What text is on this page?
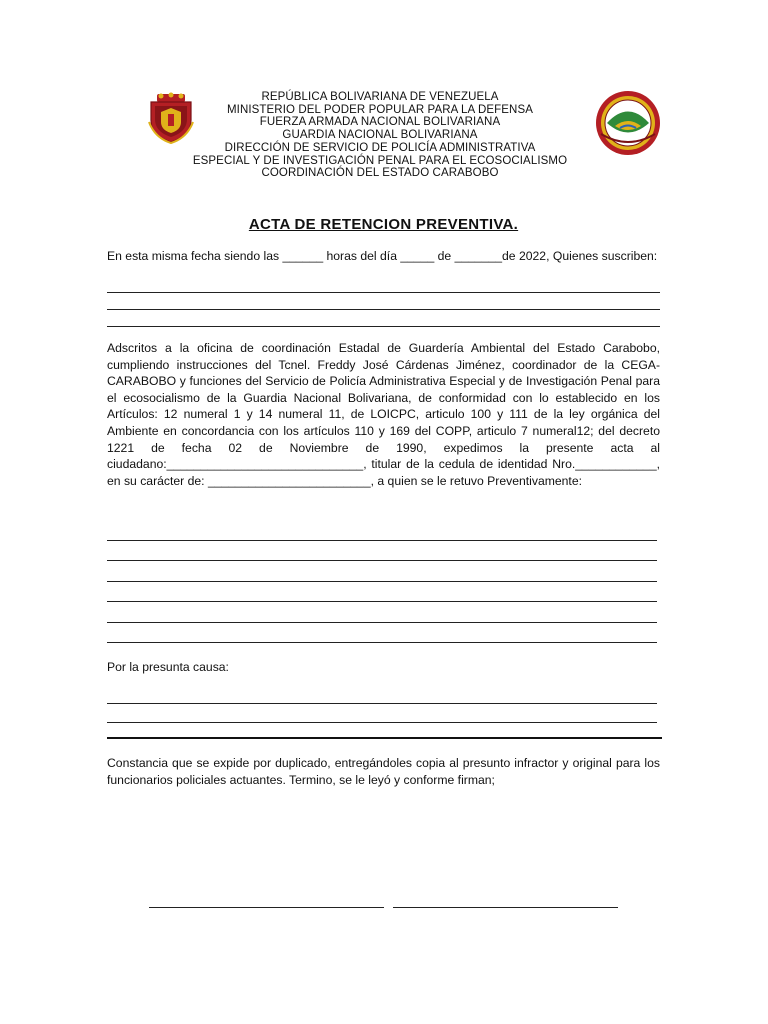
REPÚBLICA BOLIVARIANA DE VENEZUELA
MINISTERIO DEL PODER POPULAR PARA LA DEFENSA
FUERZA ARMADA NACIONAL BOLIVARIANA
GUARDIA NACIONAL BOLIVARIANA
DIRECCIÓN DE SERVICIO DE POLICÍA ADMINISTRATIVA
ESPECIAL Y DE INVESTIGACIÓN PENAL PARA EL ECOSOCIALISMO
COORDINACIÓN DEL ESTADO CARABOBO
ACTA DE RETENCION PREVENTIVA.
En esta misma fecha siendo las ______ horas del día _____ de _______de 2022, Quienes suscriben:
Adscritos a la oficina de coordinación Estadal de Guardería Ambiental del Estado Carabobo, cumpliendo instrucciones del Tcnel. Freddy José Cárdenas Jiménez, coordinador de la CEGA-CARABOBO y funciones del Servicio de Policía Administrativa Especial y de Investigación Penal para el ecosocialismo de la Guardia Nacional Bolivariana, de conformidad con lo establecido en los Artículos: 12 numeral 1 y 14 numeral 11, de LOICPC, articulo 100 y 111 de la ley orgánica del Ambiente en concordancia con los artículos 110 y 169 del COPP, articulo 7 numeral12; del decreto 1221 de fecha 02 de Noviembre de 1990, expedimos la presente acta al ciudadano:_____________________________, titular de la cedula de identidad Nro.____________, en su carácter de: ________________________, a quien se le retuvo Preventivamente:
Por la presunta causa:
Constancia que se expide por duplicado, entregándoles copia al presunto infractor y original para los funcionarios policiales actuantes. Termino, se le leyó y conforme firman;
